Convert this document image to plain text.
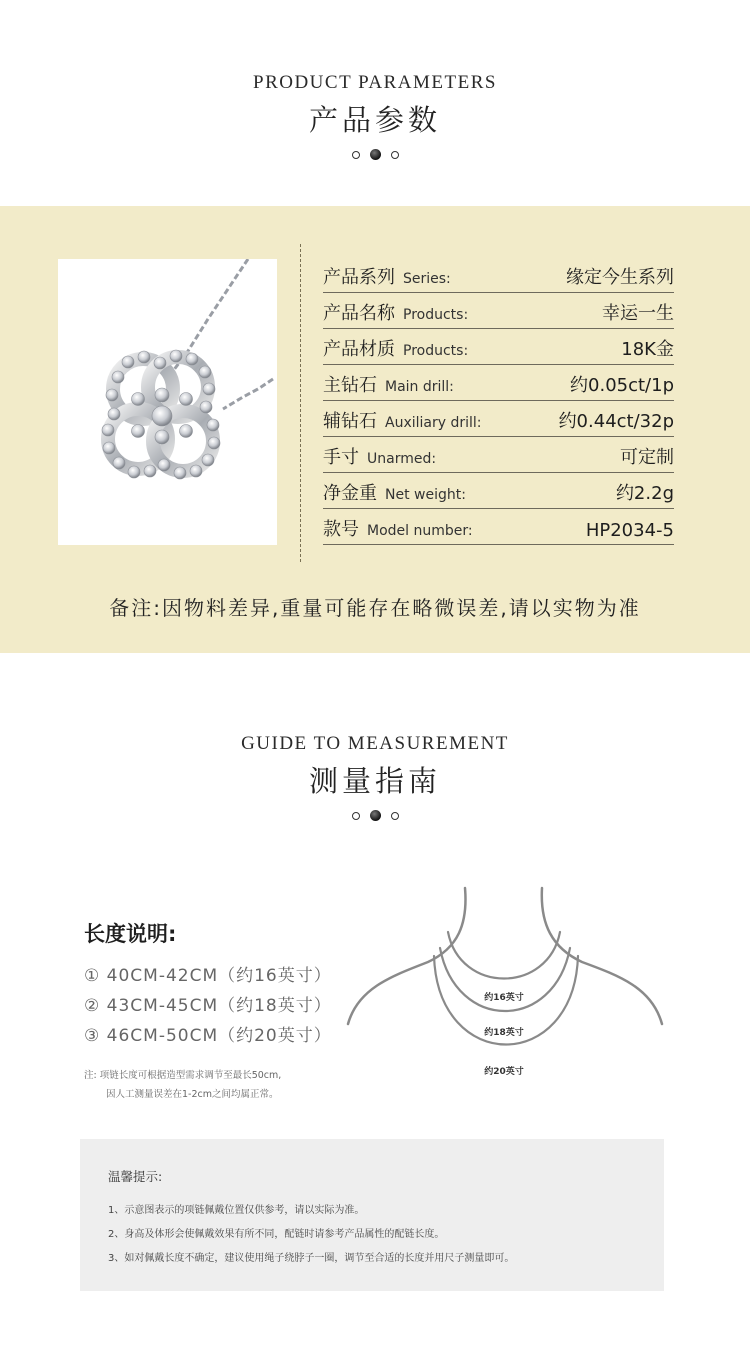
PRODUCT PARAMETERS
产品参数
产品系列 Series:	缘定今生系列
产品名称 Products:	幸运一生
产品材质 Products:	18K金
主钻石 Main drill:	约0.05ct/1p
辅钻石 Auxiliary drill:	约0.44ct/32p
手寸 Unarmed:	可定制
净金重 Net weight:	约2.2g
款号 Model number:	HP2034-5
备注:因物料差异,重量可能存在略微误差,请以实物为准
GUIDE TO MEASUREMENT
测量指南
长度说明:
① 40CM-42CM（约16英寸）
② 43CM-45CM（约18英寸）
③ 46CM-50CM（约20英寸）
注: 项链长度可根据造型需求调节至最长50cm,
因人工测量误差在1-2cm之间均属正常。
约16英寸
约18英寸
约20英寸
温馨提示:
1、示意图表示的项链佩戴位置仅供参考，请以实际为准。
2、身高及体形会使佩戴效果有所不同，配链时请参考产品属性的配链长度。
3、如对佩戴长度不确定，建议使用绳子绕脖子一圈，调节至合适的长度并用尺子测量即可。
